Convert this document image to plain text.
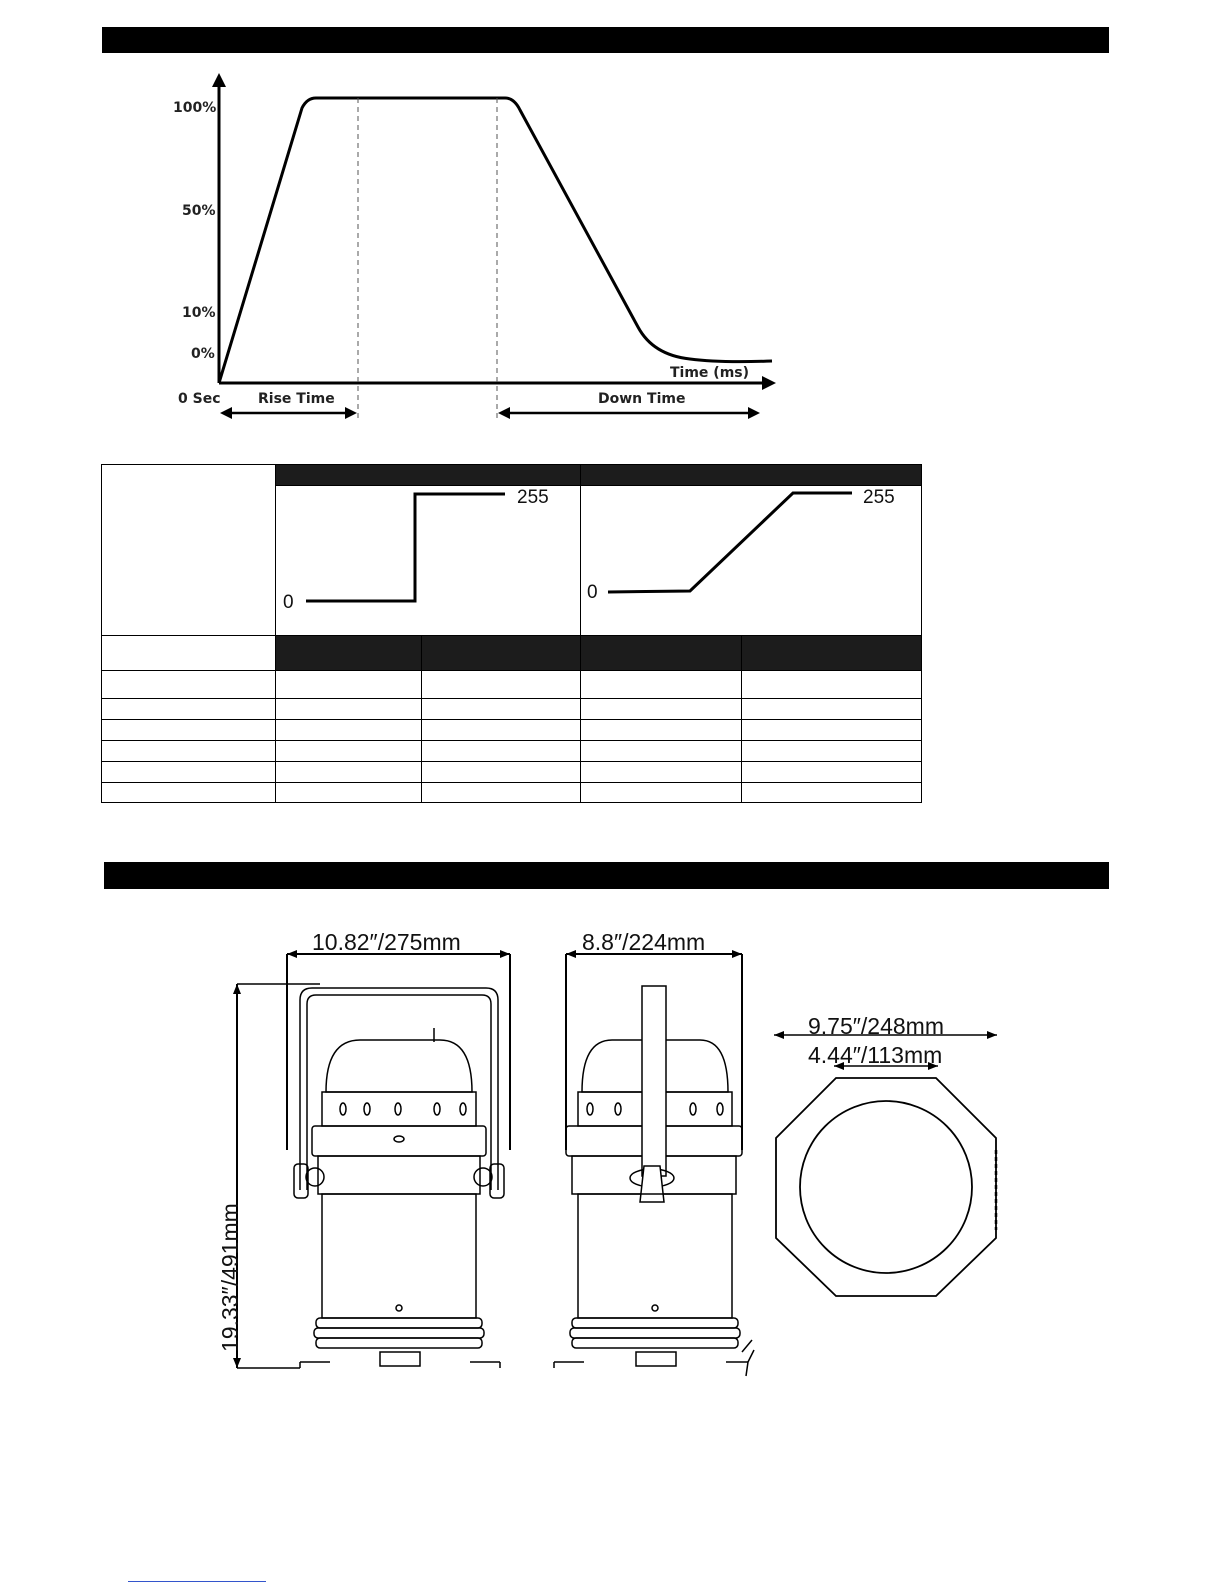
100%
50%
10%
0%
0 Sec
Time (ms)
Rise Time	Down Time

0
255		0
255	

10.82″/275mm
19.33″/491mm
8.8″/224mm
9.75″/248mm
4.44″/113mm
